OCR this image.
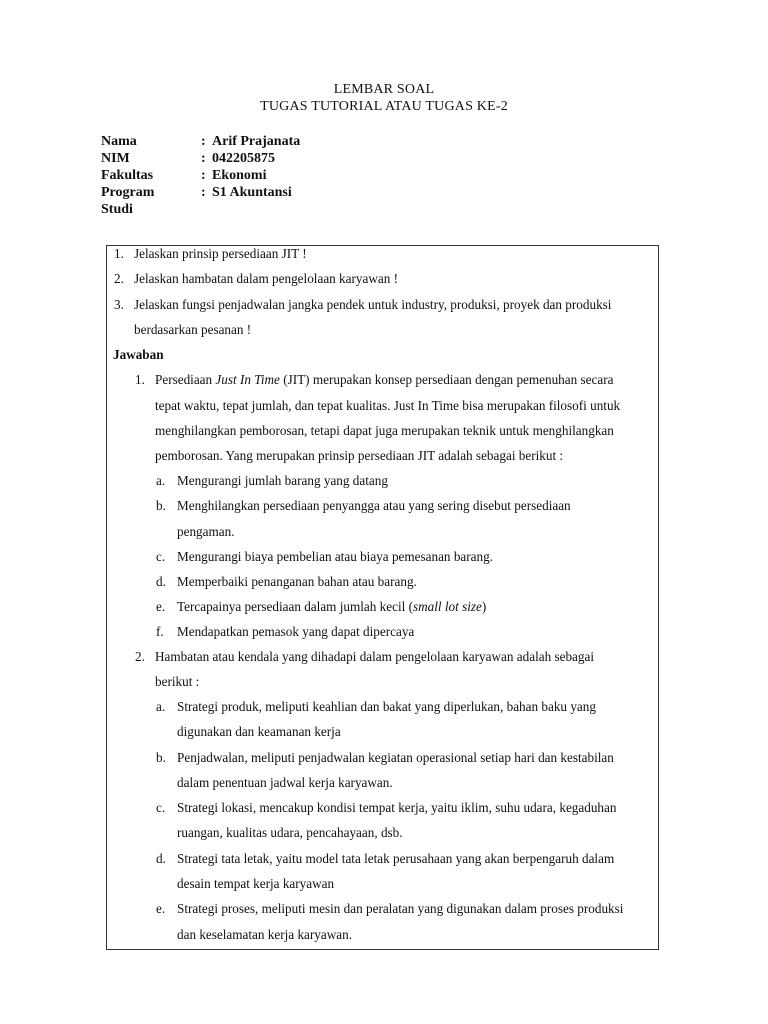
LEMBAR SOAL
TUGAS TUTORIAL ATAU TUGAS KE-2
Nama	: Arif Prajanata
NIM	: 042205875
Fakultas	: Ekonomi
Program Studi
: S1 Akuntansi
1. Jelaskan prinsip persediaan JIT !
2. Jelaskan hambatan dalam pengelolaan karyawan !
3. Jelaskan fungsi penjadwalan jangka pendek untuk industry, produksi, proyek dan produksi
berdasarkan pesanan !
Jawaban
1. Persediaan Just In Time (JIT) merupakan konsep persediaan dengan pemenuhan secara
tepat waktu, tepat jumlah, dan tepat kualitas. Just In Time bisa merupakan filosofi untuk
menghilangkan pemborosan, tetapi dapat juga merupakan teknik untuk menghilangkan
pemborosan. Yang merupakan prinsip persediaan JIT adalah sebagai berikut :
a. Mengurangi jumlah barang yang datang
b. Menghilangkan persediaan penyangga atau yang sering disebut persediaan
pengaman.
c. Mengurangi biaya pembelian atau biaya pemesanan barang.
d. Memperbaiki penanganan bahan atau barang.
e. Tercapainya persediaan dalam jumlah kecil (small lot size)
f. Mendapatkan pemasok yang dapat dipercaya
2. Hambatan atau kendala yang dihadapi dalam pengelolaan karyawan adalah sebagai
berikut :
a. Strategi produk, meliputi keahlian dan bakat yang diperlukan, bahan baku yang
digunakan dan keamanan kerja
b. Penjadwalan, meliputi penjadwalan kegiatan operasional setiap hari dan kestabilan
dalam penentuan jadwal kerja karyawan.
c. Strategi lokasi, mencakup kondisi tempat kerja, yaitu iklim, suhu udara, kegaduhan
ruangan, kualitas udara, pencahayaan, dsb.
d. Strategi tata letak, yaitu model tata letak perusahaan yang akan berpengaruh dalam
desain tempat kerja karyawan
e. Strategi proses, meliputi mesin dan peralatan yang digunakan dalam proses produksi
dan keselamatan kerja karyawan.
